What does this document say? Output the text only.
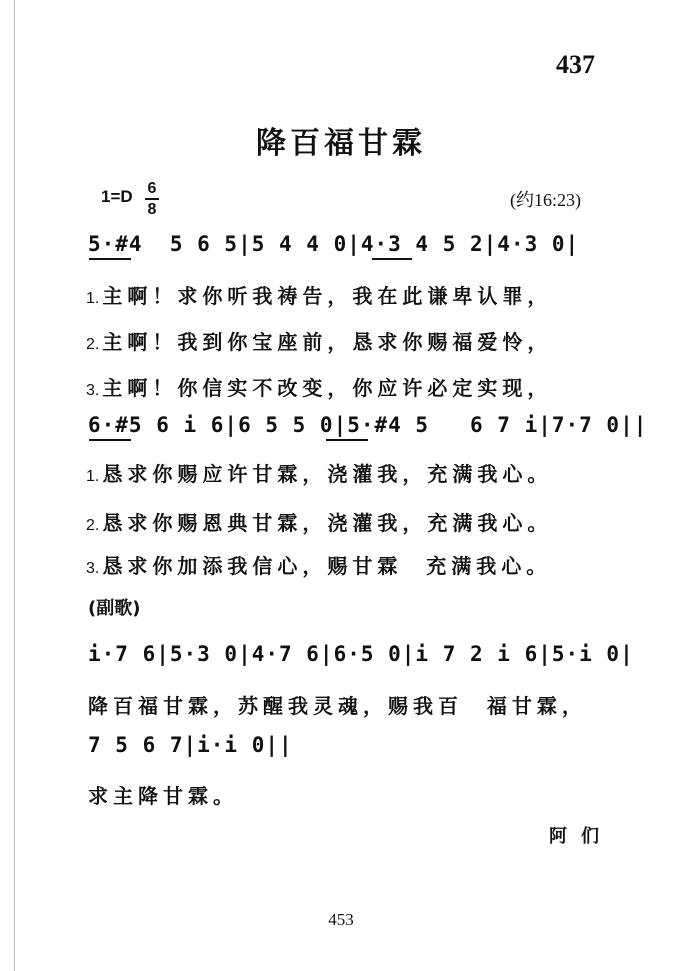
437
降百福甘霖
1=D 6
8	(约16:23)
5·#4  5 6 5|5 4 4 0|4·3 4 5 2|4·3 0|
1. 主啊！求你听我祷告，我在此谦卑认罪，
2. 主啊！我到你宝座前，恳求你赐福爱怜，
3. 主啊！你信实不改变，你应许必定实现，
6·#5 6 i 6|6 5 5 0|5·#4 5   6 7 i|7·7 0||
1. 恳求你赐应许甘霖，浇灌我，充满我心。
2. 恳求你赐恩典甘霖，浇灌我，充满我心。
3. 恳求你加添我信心，赐甘霖  充满我心。
(副歌)
i·7 6|5·3 0|4·7 6|6·5 0|i 7 2 i 6|5·i 0|
降百福甘霖，苏醒我灵魂，赐我百  福甘霖，
7 5 6 7|i·i 0||
求主降甘霖。
阿们
453
